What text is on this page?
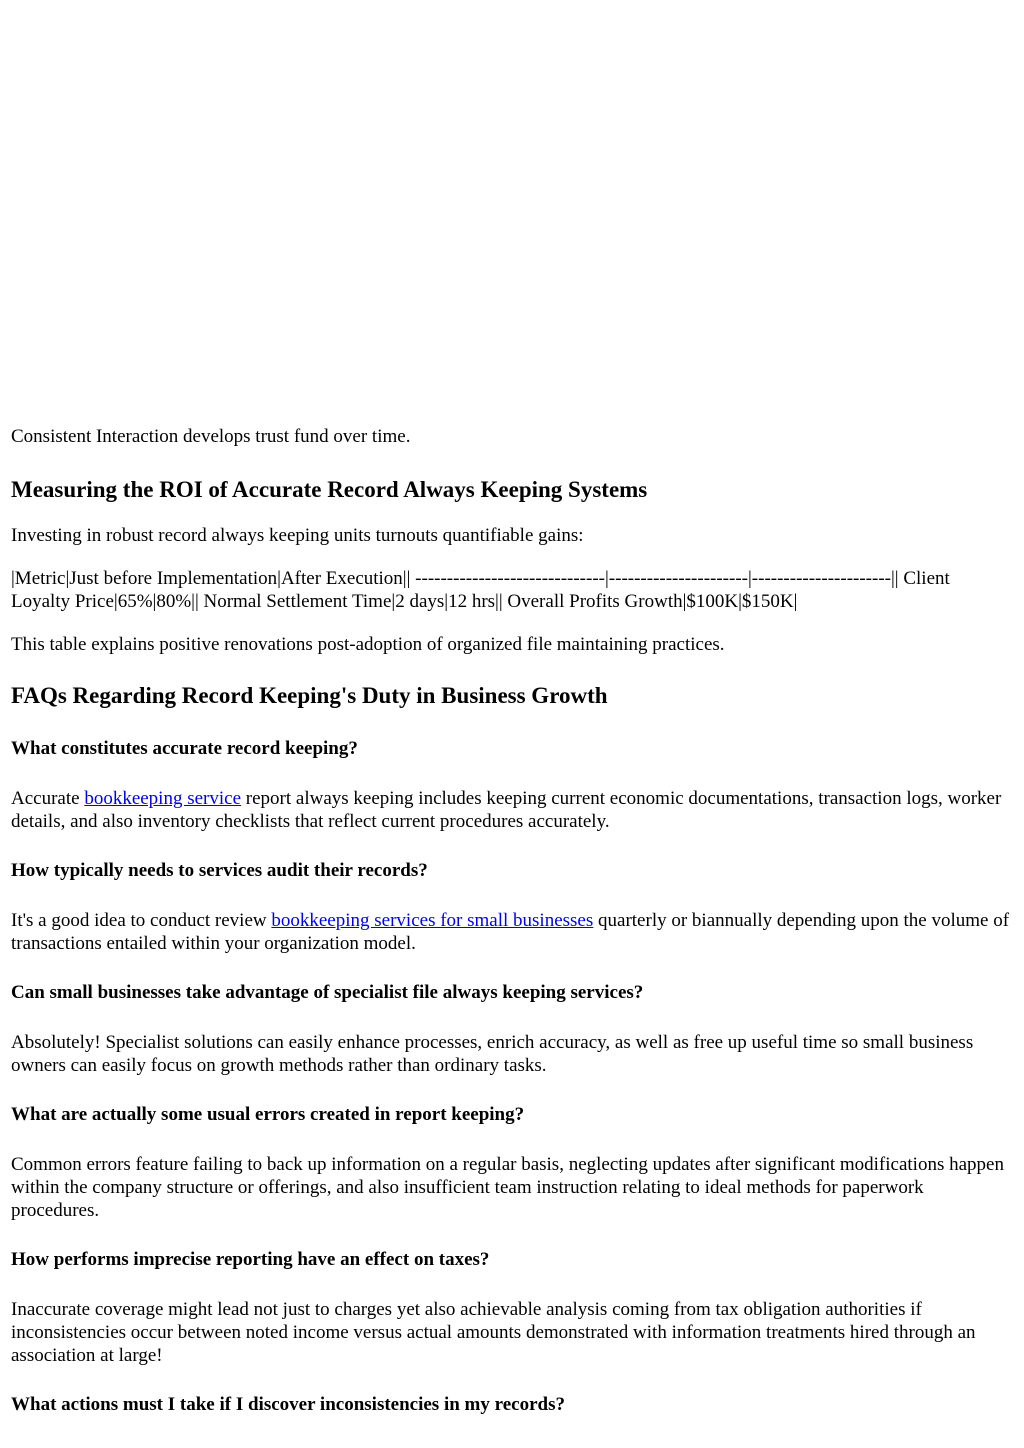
Consistent Interaction develops trust fund over time.

Measuring the ROI of Accurate Record Always Keeping Systems

Investing in robust record always keeping units turnouts quantifiable gains:

|Metric|Just before Implementation|After Execution|| ------------------------------|----------------------|----------------------|| Client Loyalty Price|65%|80%|| Normal Settlement Time|2 days|12 hrs|| Overall Profits Growth|$100K|$150K|

This table explains positive renovations post-adoption of organized file maintaining practices.

FAQs Regarding Record Keeping's Duty in Business Growth
What constitutes accurate record keeping?

Accurate bookkeeping service report always keeping includes keeping current economic documentations, transaction logs, worker details, and also inventory checklists that reflect current procedures accurately.

How typically needs to services audit their records?

It's a good idea to conduct review bookkeeping services for small businesses quarterly or biannually depending upon the volume of transactions entailed within your organization model.

Can small businesses take advantage of specialist file always keeping services?

Absolutely! Specialist solutions can easily enhance processes, enrich accuracy, as well as free up useful time so small business owners can easily focus on growth methods rather than ordinary tasks.

What are actually some usual errors created in report keeping?

Common errors feature failing to back up information on a regular basis, neglecting updates after significant modifications happen within the company structure or offerings, and also insufficient team instruction relating to ideal methods for paperwork procedures.

How performs imprecise reporting have an effect on taxes?

Inaccurate coverage might lead not just to charges yet also achievable analysis coming from tax obligation authorities if inconsistencies occur between noted income versus actual amounts demonstrated with information treatments hired through an association at large!

What actions must I take if I discover inconsistencies in my records?
